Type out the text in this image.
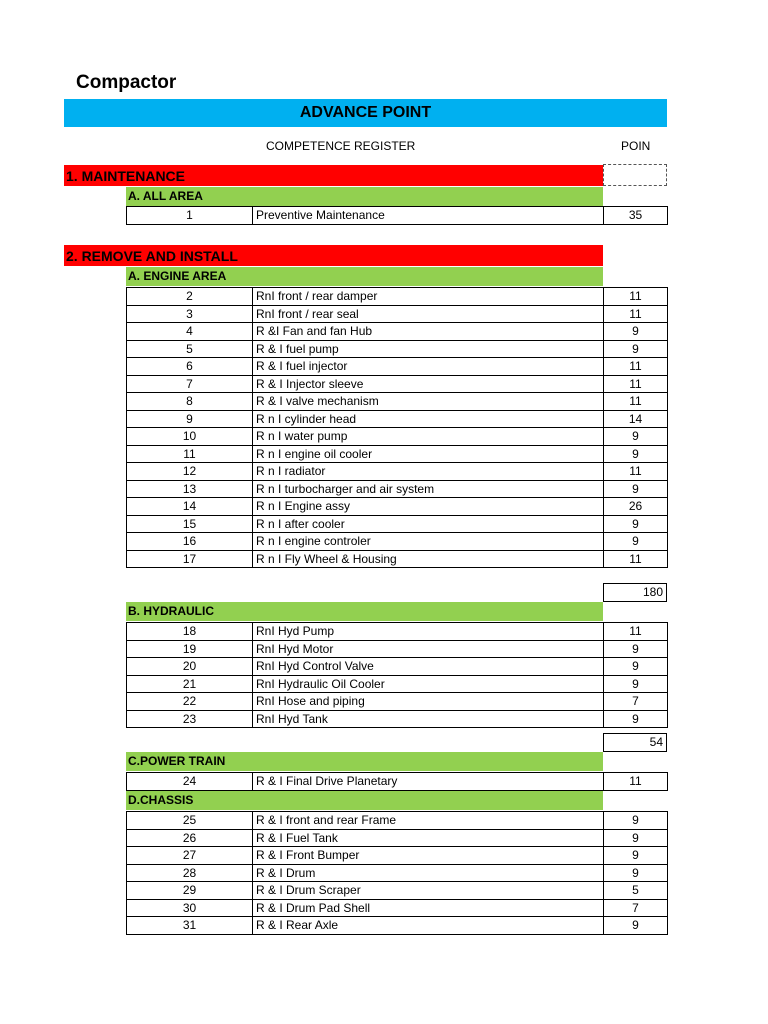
Compactor
ADVANCE POINT
COMPETENCE REGISTER	POIN
1. MAINTENANCE
A. ALL AREA
1	Preventive Maintenance	35
2. REMOVE AND INSTALL
A. ENGINE AREA
2	RnI front / rear damper	11
3	RnI front / rear seal	11
4	R &I Fan and fan Hub	9
5	R & I fuel pump	9
6	R & I fuel injector	11
7	R & I Injector sleeve	11
8	R & I valve mechanism	11
9	R n I cylinder head	14
10	R n I water pump	9
11	R n I engine oil cooler	9
12	R n I radiator	11
13	R n I turbocharger and air system	9
14	R n I Engine assy	26
15	R n I after cooler	9
16	R n I engine controler	9
17	R n I Fly Wheel & Housing	11
180
B. HYDRAULIC
18	RnI Hyd Pump	11
19	RnI Hyd Motor	9
20	RnI Hyd Control Valve	9
21	RnI Hydraulic Oil Cooler	9
22	RnI Hose and piping	7
23	RnI Hyd Tank	9
54
C.POWER TRAIN
24	R & I Final Drive Planetary	11
D.CHASSIS
25	R & I front and rear Frame	9
26	R & I Fuel Tank	9
27	R & I Front Bumper	9
28	R & I Drum	9
29	R & I Drum Scraper	5
30	R & I Drum Pad Shell	7
31	R & I Rear Axle	9
